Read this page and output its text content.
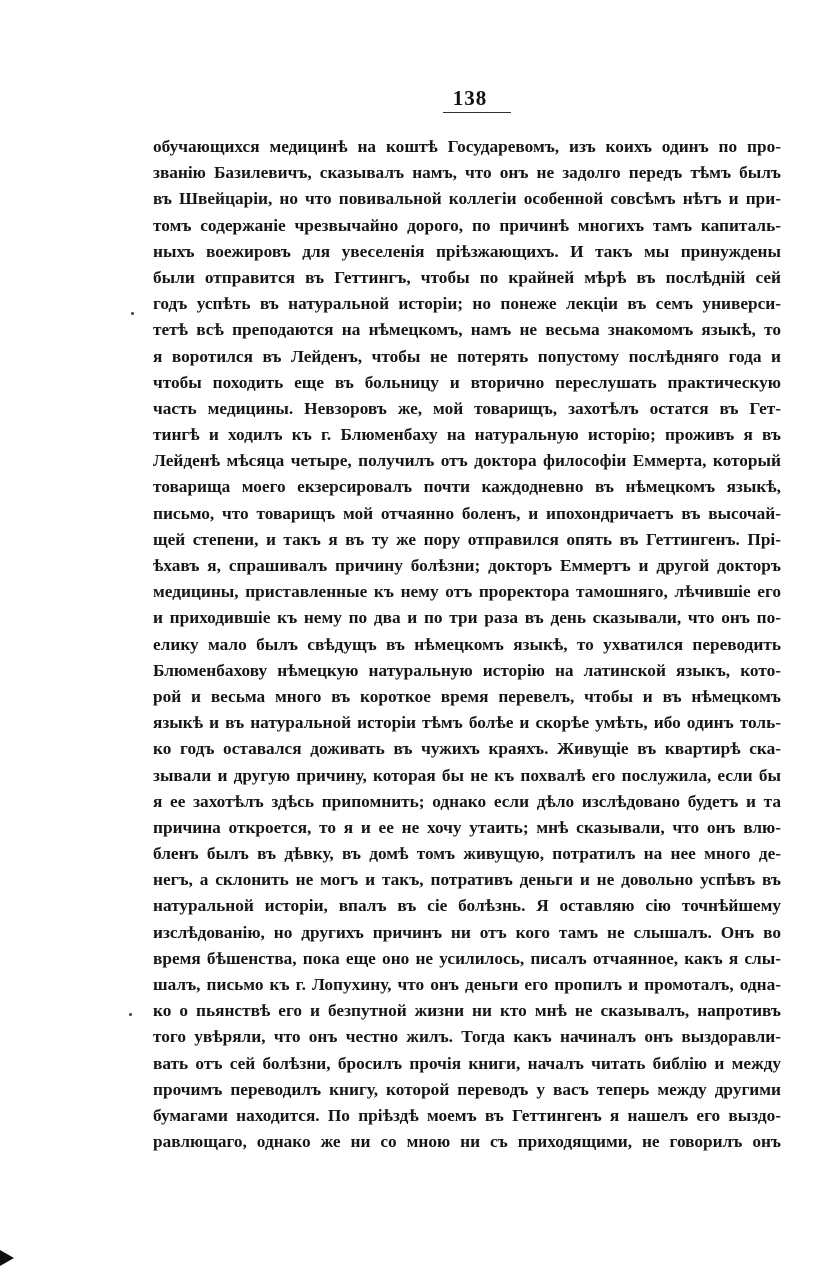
138
обучающихся медицинѣ на коштѣ Государевомъ, изъ коихъ одинъ по про-
званію Базилевичъ, сказывалъ намъ, что онъ не задолго передъ тѣмъ былъ
въ Швейцаріи, но что повивальной коллегіи особенной совсѣмъ нѣтъ и при-
томъ содержаніе чрезвычайно дорого, по причинѣ многихъ тамъ капиталь-
ныхъ воежировъ для увеселенія пріѣзжающихъ. И такъ мы принуждены
были отправится въ Геттингъ, чтобы по крайней мѣрѣ въ послѣдній сей
годъ успѣть въ натуральной исторіи; но понеже лекціи въ семъ универси-
тетѣ всѣ преподаются на нѣмецкомъ, намъ не весьма знакомомъ языкѣ, то
я воротился въ Лейденъ, чтобы не потерять попустому послѣдняго года и
чтобы походить еще въ больницу и вторично переслушать практическую
часть медицины. Невзоровъ же, мой товарищъ, захотѣлъ остатся въ Гет-
тингѣ и ходилъ къ г. Блюменбаху на натуральную исторію; проживъ я въ
Лейденѣ мѣсяца четыре, получилъ отъ доктора философіи Еммерта, который
товарища моего екзерсировалъ почти каждодневно въ нѣмецкомъ языкѣ,
письмо, что товарищъ мой отчаянно боленъ, и ипохондричаетъ въ высочай-
щей степени, и такъ я въ ту же пору отправился опять въ Геттингенъ. Прі-
ѣхавъ я, спрашивалъ причину болѣзни; докторъ Еммертъ и другой докторъ
медицины, приставленные къ нему отъ проректора тамошняго, лѣчившіе его
и приходившіе къ нему по два и по три раза въ день сказывали, что онъ по-
елику мало былъ свѣдущъ въ нѣмецкомъ языкѣ, то ухватился переводить
Блюменбахову нѣмецкую натуральную исторію на латинской языкъ, кото-
рой и весьма много въ короткое время перевелъ, чтобы и въ нѣмецкомъ
языкѣ и въ натуральной исторіи тѣмъ болѣе и скорѣе умѣть, ибо одинъ толь-
ко годъ оставался доживать въ чужихъ краяхъ. Живущіе въ квартирѣ ска-
зывали и другую причину, которая бы не къ похвалѣ его послужила, если бы
я ее захотѣлъ здѣсь припомнить; однако если дѣло изслѣдовано будетъ и та
причина откроется, то я и ее не хочу утаить; мнѣ сказывали, что онъ влю-
бленъ былъ въ дѣвку, въ домѣ томъ живущую, потратилъ на нее много де-
негъ, а склонить не могъ и такъ, потративъ деньги и не довольно успѣвъ въ
натуральной исторіи, впалъ въ сіе болѣзнь. Я оставляю сію точнѣйшему
изслѣдованію, но другихъ причинъ ни отъ кого тамъ не слышалъ. Онъ во
время бѣшенства, пока еще оно не усилилось, писалъ отчаянное, какъ я слы-
шалъ, письмо къ г. Лопухину, что онъ деньги его пропилъ и промоталъ, одна-
ко о пьянствѣ его и безпутной жизни ни кто мнѣ не сказывалъ, напротивъ
того увѣряли, что онъ честно жилъ. Тогда какъ начиналъ онъ выздоравли-
вать отъ сей болѣзни, бросилъ прочія книги, началъ читать библію и между
прочимъ переводилъ книгу, которой переводъ у васъ теперь между другими
бумагами находится. По пріѣздѣ моемъ въ Геттингенъ я нашелъ его выздо-
равлющаго, однако же ни со мною ни съ приходящими, не говорилъ онъ
